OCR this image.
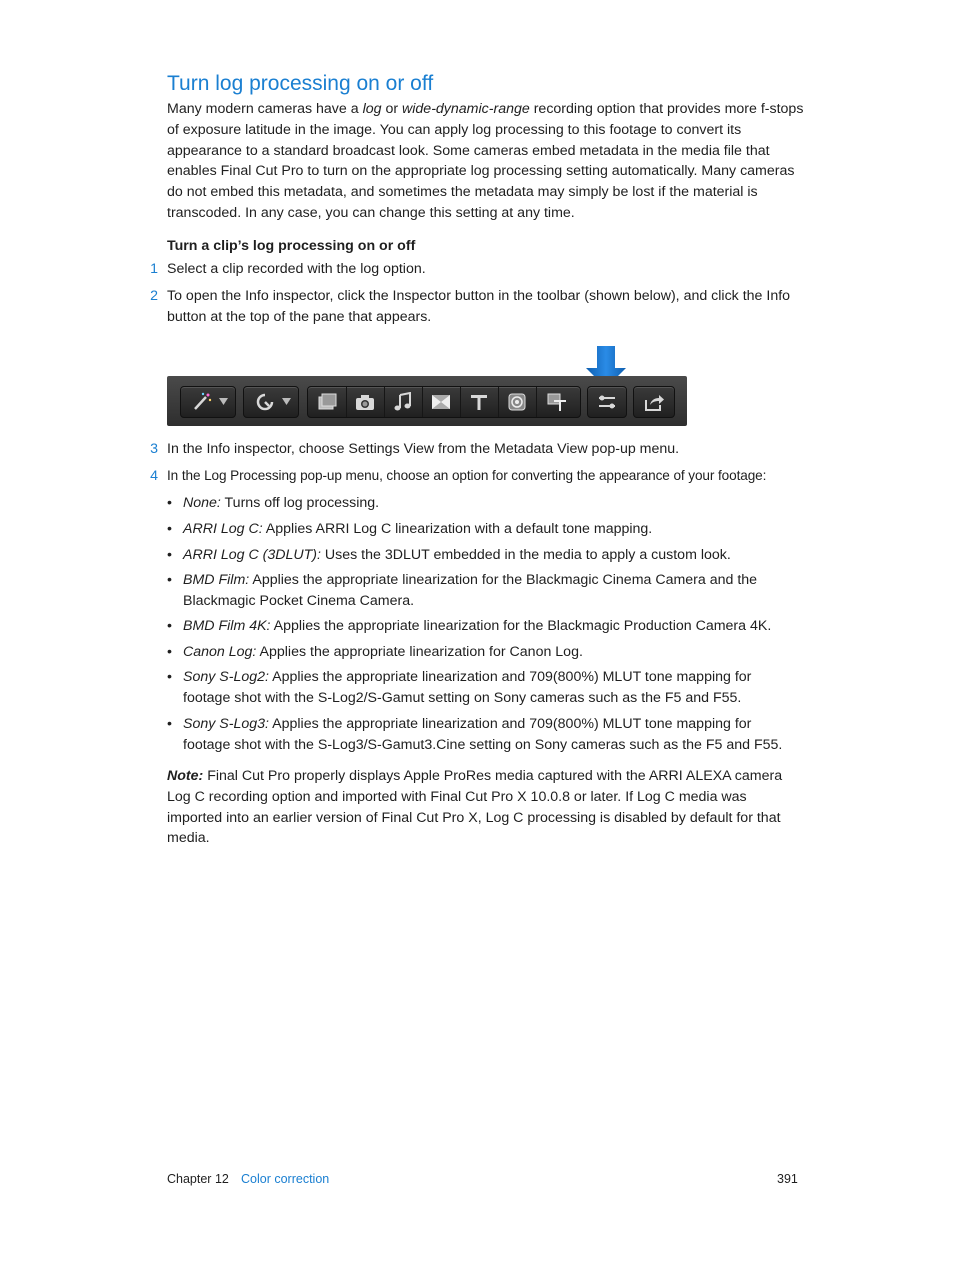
Turn log processing on or off

Many modern cameras have a log or wide-dynamic-range recording option that provides more f-stops of exposure latitude in the image. You can apply log processing to this footage to convert its appearance to a standard broadcast look. Some cameras embed metadata in the media file that enables Final Cut Pro to turn on the appropriate log processing setting automatically. Many cameras do not embed this metadata, and sometimes the metadata may simply be lost if the material is transcoded. In any case, you can change this setting at any time.

Turn a clip’s log processing on or off

1 Select a clip recorded with the log option.
2 To open the Info inspector, click the Inspector button in the toolbar (shown below), and click the Info button at the top of the pane that appears.
3 In the Info inspector, choose Settings View from the Metadata View pop-up menu.
4 In the Log Processing pop-up menu, choose an option for converting the appearance of your footage:
• None: Turns off log processing.
• ARRI Log C: Applies ARRI Log C linearization with a default tone mapping.
• ARRI Log C (3DLUT): Uses the 3DLUT embedded in the media to apply a custom look.
• BMD Film: Applies the appropriate linearization for the Blackmagic Cinema Camera and the Blackmagic Pocket Cinema Camera.
• BMD Film 4K: Applies the appropriate linearization for the Blackmagic Production Camera 4K.
• Canon Log: Applies the appropriate linearization for Canon Log.
• Sony S-Log2: Applies the appropriate linearization and 709(800%) MLUT tone mapping for footage shot with the S-Log2/S-Gamut setting on Sony cameras such as the F5 and F55.
• Sony S-Log3: Applies the appropriate linearization and 709(800%) MLUT tone mapping for footage shot with the S-Log3/S-Gamut3.Cine setting on Sony cameras such as the F5 and F55.

Note: Final Cut Pro properly displays Apple ProRes media captured with the ARRI ALEXA camera Log C recording option and imported with Final Cut Pro X 10.0.8 or later. If Log C media was imported into an earlier version of Final Cut Pro X, Log C processing is disabled by default for that media.

Chapter 12 Color correction	391
